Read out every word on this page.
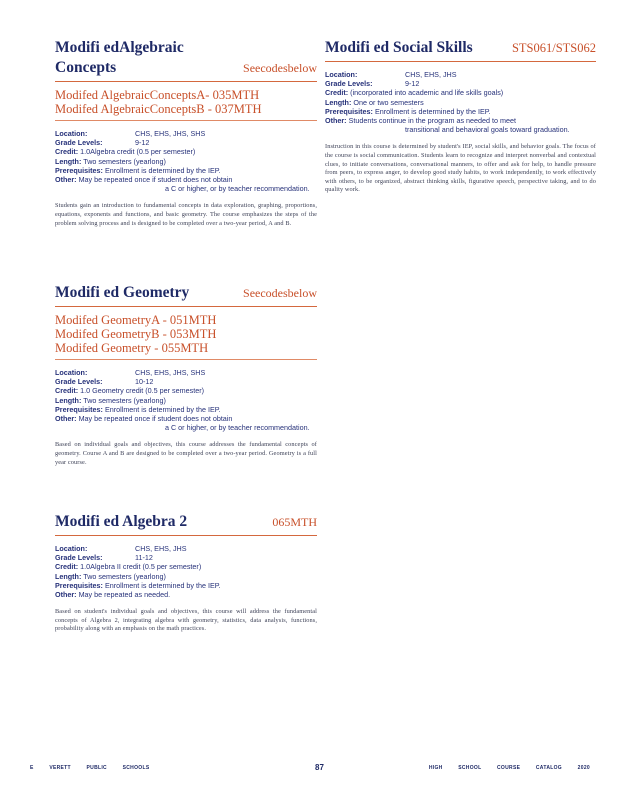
Modifi edAlgebraic
Concepts	Seecodesbelow
Modifed AlgebraicConceptsA- 035MTH
Modifed AlgebraicConceptsB - 037MTH
Location:	CHS, EHS, JHS, SHS
Grade Levels:	9-12
Credit: 1.0Algebra credit (0.5 per semester)
Length: Two semesters (yearlong)
Prerequisites: Enrollment is determined by the IEP.
Other: May be repeated once if student does not obtain
a C or higher, or by teacher recommendation.
Students gain an introduction to fundamental concepts in data exploration, graphing, proportions, equations, exponents and functions, and basic geometry. The course emphasizes the steps of the problem solving process and is designed to be completed over a two-year period, A and B.
Modifi ed Geometry	Seecodesbelow
Modifed GeometryA - 051MTH
Modifed GeometryB - 053MTH
Modifed Geometry - 055MTH
Location:	CHS, EHS, JHS, SHS
Grade Levels:	10-12
Credit: 1.0 Geometry credit (0.5 per semester)
Length: Two semesters (yearlong)
Prerequisites: Enrollment is determined by the IEP.
Other: May be repeated once if student does not obtain
a C or higher, or by teacher recommendation.
Based on individual goals and objectives, this course addresses the fundamental concepts of geometry. Course A and B are designed to be completed over a two-year period. Geometry is a full year course.
Modifi ed Algebra 2	065MTH
Location:	CHS, EHS, JHS
Grade Levels:	11-12
Credit: 1.0Algebra II credit (0.5 per semester)
Length: Two semesters (yearlong)
Prerequisites: Enrollment is determined by the IEP.
Other: May be repeated as needed.
Based on student's individual goals and objectives, this course will address the fundamental concepts of Algebra 2, integrating algebra with geometry, statistics, data analysis, functions, probability along with an emphasis on the math practices.
Modifi ed Social Skills	STS061/STS062
Location:	CHS, EHS, JHS
Grade Levels:	9-12
Credit: (incorporated into academic and life skills goals)
Length: One or two semesters
Prerequisites: Enrollment is determined by the IEP.
Other: Students continue in the program as needed to meet
transitional and behavioral goals toward graduation.
Instruction in this course is determined by student's IEP, social skills, and behavior goals. The focus of the course is social communication. Students learn to recognize and interpret nonverbal and contextual clues, to initiate conversations, conversational manners, to offer and ask for help, to handle pressure from peers, to express anger, to develop good study habits, to work independently, to work effectively with others, to be organized, abstract thinking skills, figurative speech, perspective taking, and to do quality work.
E VERETT PUBLIC SCHOOLS	87	HIGH SCHOOL COURSE CATALOG 2020
